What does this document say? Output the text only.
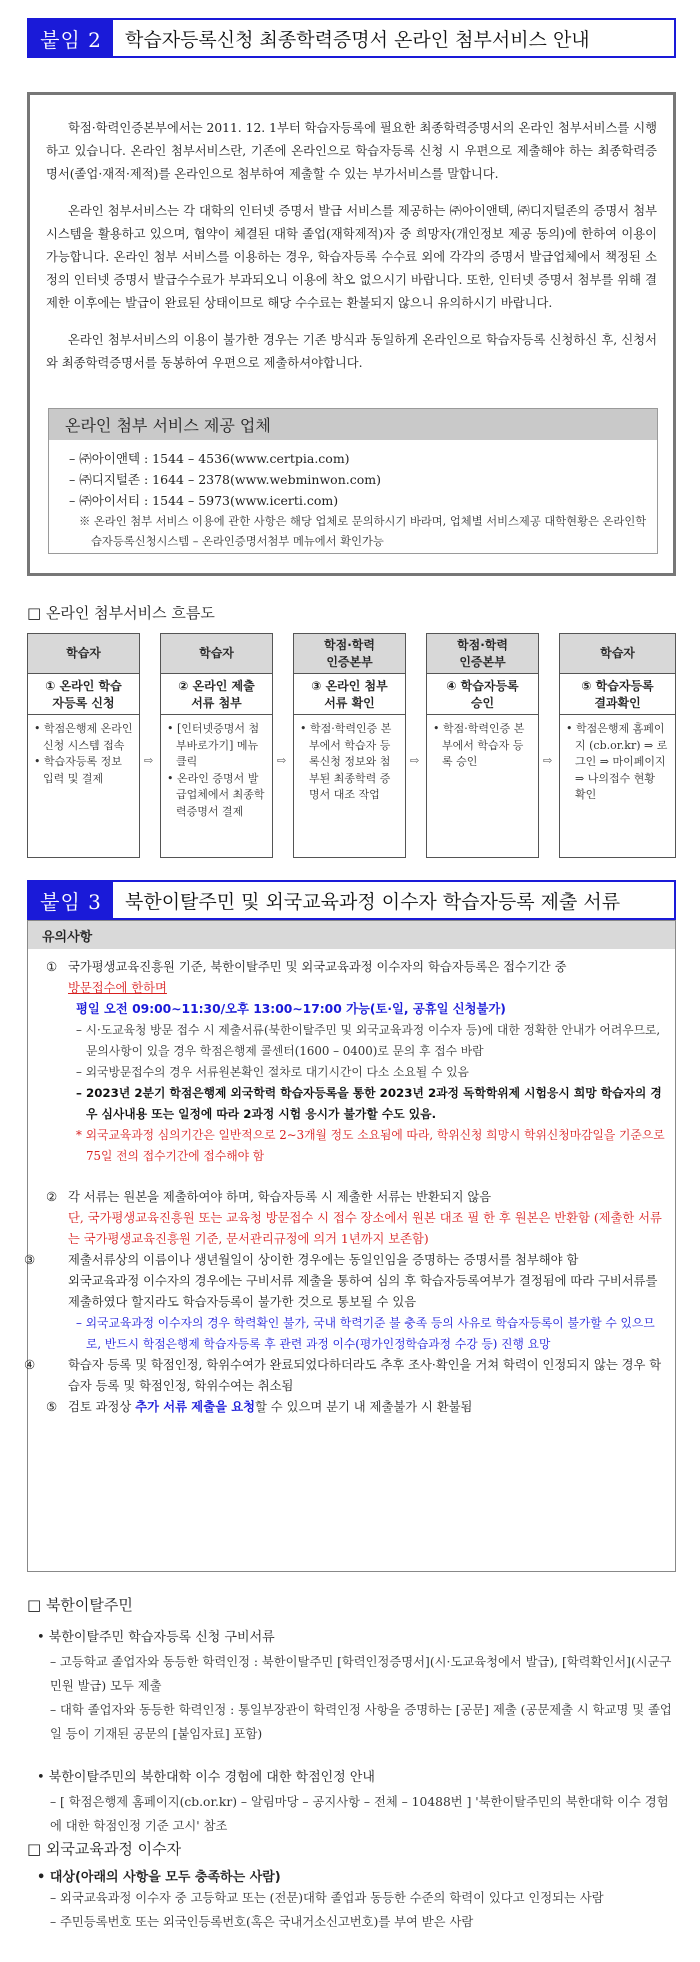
붙임 2	학습자등록신청 최종학력증명서 온라인 첨부서비스 안내

학점·학력인증본부에서는 2011. 12. 1부터 학습자등록에 필요한 최종학력증명서의 온라인 첨부서비스를 시행하고 있습니다. 온라인 첨부서비스란, 기존에 온라인으로 학습자등록 신청 시 우편으로 제출해야 하는 최종학력증명서(졸업·재적·제적)를 온라인으로 첨부하여 제출할 수 있는 부가서비스를 말합니다.

온라인 첨부서비스는 각 대학의 인터넷 증명서 발급 서비스를 제공하는 ㈜아이앤텍, ㈜디지털존의 증명서 첨부 시스템을 활용하고 있으며, 협약이 체결된 대학 졸업(재학제적)자 중 희망자(개인정보 제공 동의)에 한하여 이용이 가능합니다. 온라인 첨부 서비스를 이용하는 경우, 학습자등록 수수료 외에 각각의 증명서 발급업체에서 책정된 소정의 인터넷 증명서 발급수수료가 부과되오니 이용에 착오 없으시기 바랍니다. 또한, 인터넷 증명서 첨부를 위해 결제한 이후에는 발급이 완료된 상태이므로 해당 수수료는 환불되지 않으니 유의하시기 바랍니다.

온라인 첨부서비스의 이용이 불가한 경우는 기존 방식과 동일하게 온라인으로 학습자등록 신청하신 후, 신청서와 최종학력증명서를 동봉하여 우편으로 제출하셔야합니다.

온라인 첨부 서비스 제공 업체
– ㈜아이앤텍 : 1544 – 4536(www.certpia.com)
– ㈜디지털존 : 1644 – 2378(www.webminwon.com)
– ㈜아이서티 : 1544 – 5973(www.icerti.com)
※ 온라인 첨부 서비스 이용에 관한 사항은 해당 업체로 문의하시기 바라며, 업체별 서비스제공 대학현황은 온라인학습자등록신청시스템 – 온라인증명서첨부 메뉴에서 확인가능
□ 온라인 첨부서비스 흐름도
학습자
① 온라인 학습
자등록 신청
• 학점은행제 온라인신청 시스템 접속
• 학습자등록 정보 입력 및 결제
⇨
학습자
② 온라인 제출
서류 첨부
• [인터넷증명서 첨부바로가기] 메뉴클릭
• 온라인 증명서 발급업체에서 최종학력증명서 결제
⇨
학점·학력
인증본부
③ 온라인 첨부
서류 확인
• 학점·학력인증 본부에서 학습자 등록신청 정보와 첨부된 최종학력 증명서 대조 작업
⇨
학점·학력
인증본부
④ 학습자등록
승인
• 학점·학력인증 본부에서 학습자 등록 승인	⇨
학습자
⑤ 학습자등록
결과확인
• 학점은행제 홈페이지 (cb.or.kr) ⇒ 로그인 ⇒ 마이페이지 ⇒ 나의접수 현황 확인
붙임 3	북한이탈주민 및 외국교육과정 이수자 학습자등록 제출 서류
유의사항
① 국가평생교육진흥원 기준, 북한이탈주민 및 외국교육과정 이수자의 학습자등록은 접수기간 중
방문접수에 한하며
평일 오전 09:00∼11:30/오후 13:00∼17:00 가능(토·일, 공휴일 신청불가)
– 시·도교육청 방문 접수 시 제출서류(북한이탈주민 및 외국교육과정 이수자 등)에 대한 정확한 안내가 어려우므로, 문의사항이 있을 경우 학점은행제 콜센터(1600 – 0400)로 문의 후 접수 바람
– 외국방문접수의 경우 서류원본확인 절차로 대기시간이 다소 소요될 수 있음
– 2023년 2분기 학점은행제 외국학력 학습자등록을 통한 2023년 2과정 독학학위제 시험응시 희망 학습자의 경우 심사내용 또는 일정에 따라 2과정 시험 응시가 불가할 수도 있음.
* 외국교육과정 심의기간은 일반적으로 2∼3개월 정도 소요됨에 따라, 학위신청 희망시 학위신청마감일을 기준으로 75일 전의 접수기간에 접수해야 함
② 각 서류는 원본을 제출하여야 하며, 학습자등록 시 제출한 서류는 반환되지 않음
단, 국가평생교육진흥원 또는 교육청 방문접수 시 접수 장소에서 원본 대조 필 한 후 원본은 반환함 (제출한 서류는 국가평생교육진흥원 기준, 문서관리규정에 의거 1년까지 보존함)
③	제출서류상의 이름이나 생년월일이 상이한 경우에는 동일인임을 증명하는 증명서를 첨부해야 함
외국교육과정 이수자의 경우에는 구비서류 제출을 통하여 심의 후 학습자등록여부가 결정됨에 따라 구비서류를 제출하였다 할지라도 학습자등록이 불가한 것으로 통보될 수 있음
– 외국교육과정 이수자의 경우 학력확인 불가, 국내 학력기준 불 충족 등의 사유로 학습자등록이 불가할 수 있으므로, 반드시 학점은행제 학습자등록 후 관련 과정 이수(평가인정학습과정 수강 등) 진행 요망
④	학습자 등록 및 학점인정, 학위수여가 완료되었다하더라도 추후 조사·확인을 거쳐 학력이 인정되지 않는 경우 학습자 등록 및 학점인정, 학위수여는 취소됨
⑤ 검토 과정상 추가 서류 제출을 요청할 수 있으며 분기 내 제출불가 시 환불됨
□ 북한이탈주민
• 북한이탈주민 학습자등록 신청 구비서류
– 고등학교 졸업자와 동등한 학력인정 : 북한이탈주민 [학력인정증명서](시·도교육청에서 발급), [학력확인서](시군구 민원 발급) 모두 제출
– 대학 졸업자와 동등한 학력인정 : 통일부장관이 학력인정 사항을 증명하는 [공문] 제출 (공문제출 시 학교명 및 졸업일 등이 기재된 공문의 [붙임자료] 포함)
• 북한이탈주민의 북한대학 이수 경험에 대한 학점인정 안내
– [ 학점은행제 홈페이지(cb.or.kr) – 알림마당 – 공지사항 – 전체 – 10488번 ] '북한이탈주민의 북한대학 이수 경험에 대한 학점인정 기준 고시' 참조
□ 외국교육과정 이수자
• 대상(아래의 사항을 모두 충족하는 사람)
– 외국교육과정 이수자 중 고등학교 또는 (전문)대학 졸업과 동등한 수준의 학력이 있다고 인정되는 사람
– 주민등록번호 또는 외국인등록번호(혹은 국내거소신고번호)를 부여 받은 사람
